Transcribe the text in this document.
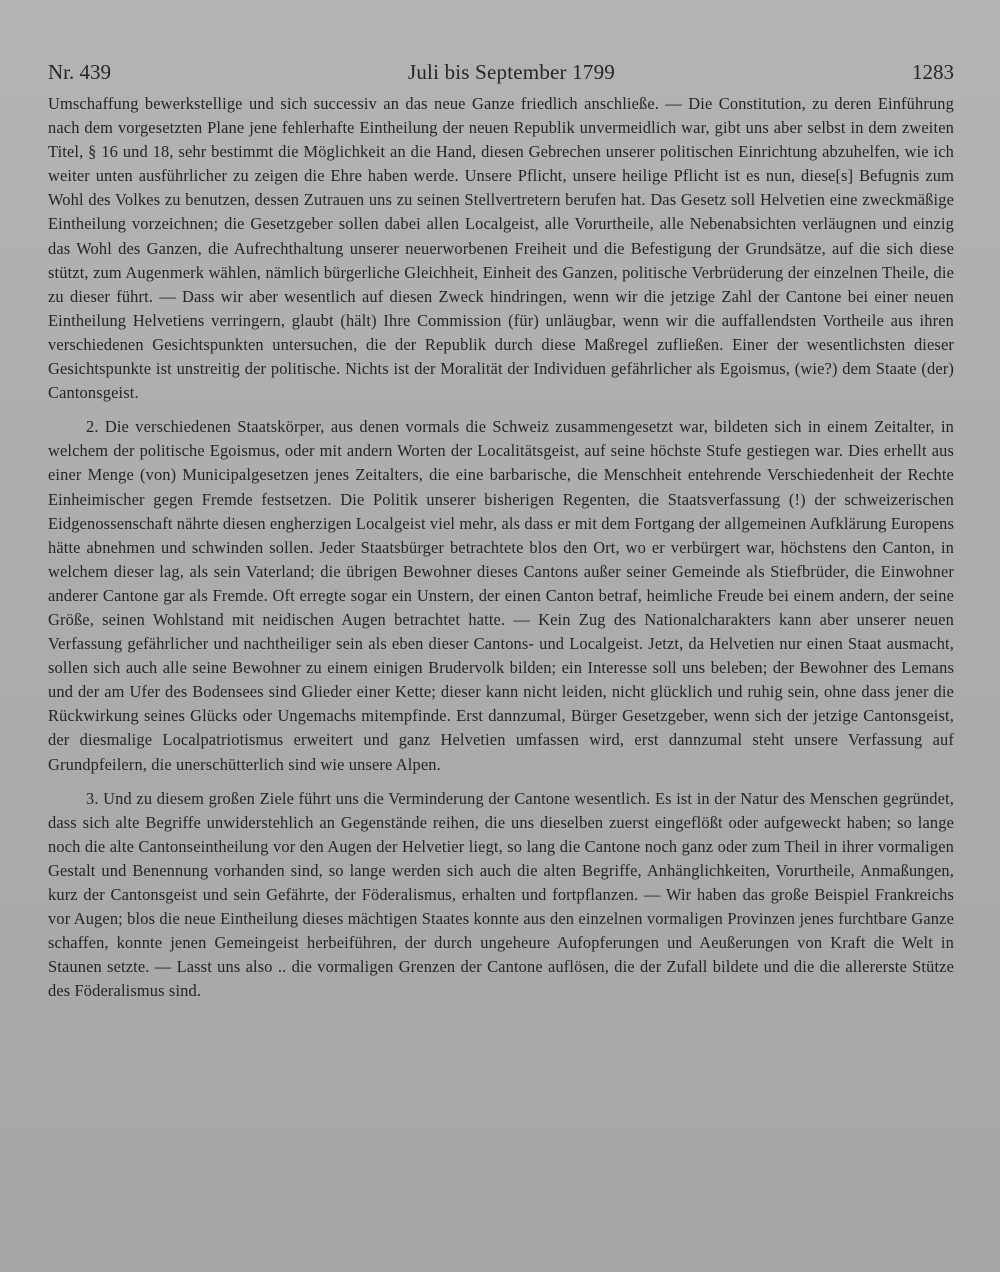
Nr. 439	Juli bis September 1799	1283

Umschaffung bewerkstellige und sich successiv an das neue Ganze friedlich anschließe. — Die Constitution, zu deren Einführung nach dem vorgesetzten Plane jene fehlerhafte Eintheilung der neuen Republik unvermeidlich war, gibt uns aber selbst in dem zweiten Titel, § 16 und 18, sehr bestimmt die Möglichkeit an die Hand, diesen Gebrechen unserer politischen Einrichtung abzuhelfen, wie ich weiter unten ausführlicher zu zeigen die Ehre haben werde. Unsere Pflicht, unsere heilige Pflicht ist es nun, diese[s] Befugnis zum Wohl des Volkes zu benutzen, dessen Zutrauen uns zu seinen Stellvertretern berufen hat. Das Gesetz soll Helvetien eine zweckmäßige Eintheilung vorzeichnen; die Gesetzgeber sollen dabei allen Localgeist, alle Vorurtheile, alle Nebenabsichten verläugnen und einzig das Wohl des Ganzen, die Aufrechthaltung unserer neuerworbenen Freiheit und die Befestigung der Grundsätze, auf die sich diese stützt, zum Augenmerk wählen, nämlich bürgerliche Gleichheit, Einheit des Ganzen, politische Verbrüderung der einzelnen Theile, die zu dieser führt. — Dass wir aber wesentlich auf diesen Zweck hindringen, wenn wir die jetzige Zahl der Cantone bei einer neuen Eintheilung Helvetiens verringern, glaubt (hält) Ihre Commission (für) unläugbar, wenn wir die auffallendsten Vortheile aus ihren verschiedenen Gesichtspunkten untersuchen, die der Republik durch diese Maßregel zufließen. Einer der wesentlichsten dieser Gesichtspunkte ist unstreitig der politische. Nichts ist der Moralität der Individuen gefährlicher als Egoismus, (wie?) dem Staate (der) Cantonsgeist.

2. Die verschiedenen Staatskörper, aus denen vormals die Schweiz zusammengesetzt war, bildeten sich in einem Zeitalter, in welchem der politische Egoismus, oder mit andern Worten der Localitätsgeist, auf seine höchste Stufe gestiegen war. Dies erhellt aus einer Menge (von) Municipalgesetzen jenes Zeitalters, die eine barbarische, die Menschheit entehrende Verschiedenheit der Rechte Einheimischer gegen Fremde festsetzen. Die Politik unserer bisherigen Regenten, die Staatsverfassung (!) der schweizerischen Eidgenossenschaft nährte diesen engherzigen Localgeist viel mehr, als dass er mit dem Fortgang der allgemeinen Aufklärung Europens hätte abnehmen und schwinden sollen. Jeder Staatsbürger betrachtete blos den Ort, wo er verbürgert war, höchstens den Canton, in welchem dieser lag, als sein Vaterland; die übrigen Bewohner dieses Cantons außer seiner Gemeinde als Stiefbrüder, die Einwohner anderer Cantone gar als Fremde. Oft erregte sogar ein Unstern, der einen Canton betraf, heimliche Freude bei einem andern, der seine Größe, seinen Wohlstand mit neidischen Augen betrachtet hatte. — Kein Zug des Nationalcharakters kann aber unserer neuen Verfassung gefährlicher und nachtheiliger sein als eben dieser Cantons- und Localgeist. Jetzt, da Helvetien nur einen Staat ausmacht, sollen sich auch alle seine Bewohner zu einem einigen Brudervolk bilden; ein Interesse soll uns beleben; der Bewohner des Lemans und der am Ufer des Bodensees sind Glieder einer Kette; dieser kann nicht leiden, nicht glücklich und ruhig sein, ohne dass jener die Rückwirkung seines Glücks oder Ungemachs mitempfinde. Erst dannzumal, Bürger Gesetzgeber, wenn sich der jetzige Cantonsgeist, der diesmalige Localpatriotismus erweitert und ganz Helvetien umfassen wird, erst dannzumal steht unsere Verfassung auf Grundpfeilern, die unerschütterlich sind wie unsere Alpen.

3. Und zu diesem großen Ziele führt uns die Verminderung der Cantone wesentlich. Es ist in der Natur des Menschen gegründet, dass sich alte Begriffe unwiderstehlich an Gegenstände reihen, die uns dieselben zuerst eingeflößt oder aufgeweckt haben; so lange noch die alte Cantonseintheilung vor den Augen der Helvetier liegt, so lang die Cantone noch ganz oder zum Theil in ihrer vormaligen Gestalt und Benennung vorhanden sind, so lange werden sich auch die alten Begriffe, Anhänglichkeiten, Vorurtheile, Anmaßungen, kurz der Cantonsgeist und sein Gefährte, der Föderalismus, erhalten und fortpflanzen. — Wir haben das große Beispiel Frankreichs vor Augen; blos die neue Eintheilung dieses mächtigen Staates konnte aus den einzelnen vormaligen Provinzen jenes furchtbare Ganze schaffen, konnte jenen Gemeingeist herbeiführen, der durch ungeheure Aufopferungen und Aeußerungen von Kraft die Welt in Staunen setzte. — Lasst uns also .. die vormaligen Grenzen der Cantone auflösen, die der Zufall bildete und die die allererste Stütze des Föderalismus sind.
